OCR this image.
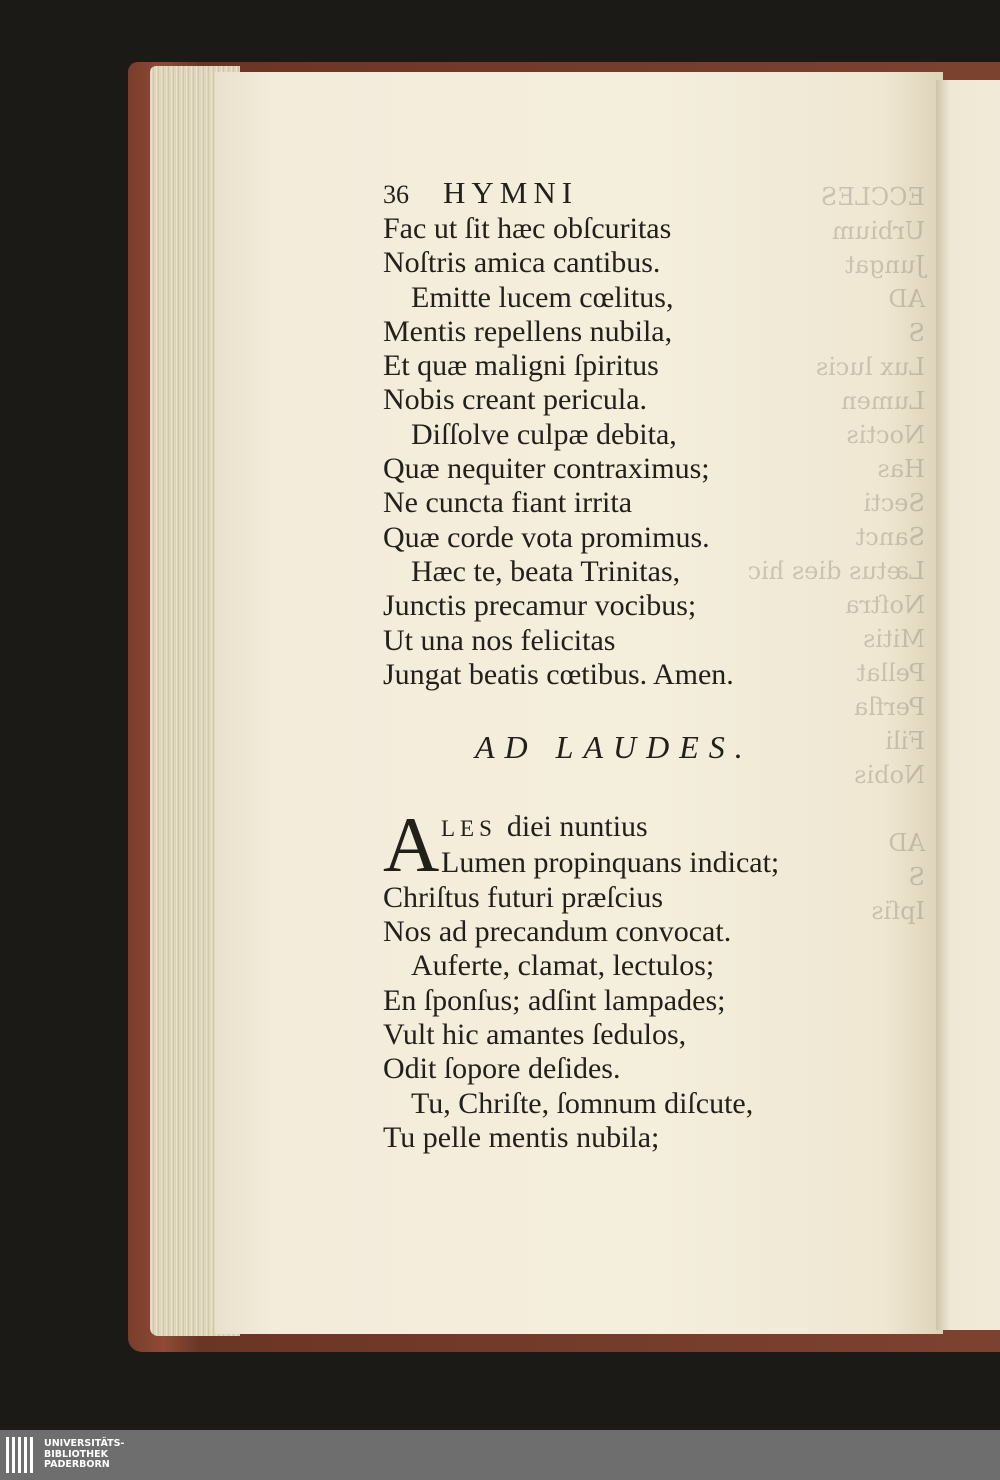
ECCLES
Urbium
Jungat
AD
S
Lux lucis
Lumen
Noctis
Has
Secti
Sanct
Lætus dies
Noſtra
Mitis
Pellat
Perfla
Fili
Nobis

AD
S
Ipſis
36	HYMNI
Fac ut ſit hæc obſcuritas
Noſtris amica cantibus.
Emitte lucem cœlitus,
Mentis repellens nubila,
Et quæ maligni ſpiritus
Nobis creant pericula.
Diſſolve culpæ debita,
Quæ nequiter contraximus;
Ne cuncta fiant irrita
Quæ corde vota promimus.
Hæc te, beata Trinitas,
Junctis precamur vocibus;
Ut una nos felicitas
Jungat beatis cœtibus. Amen.
AD LAUDES.
A LES diei nuntius
Lumen propinquans indicat;
Chriſtus futuri præſcius
Nos ad precandum convocat.
Auferte, clamat, lectulos;
En ſponſus; adſint lampades;
Vult hic amantes ſedulos,
Odit ſopore deſides.
Tu, Chriſte, ſomnum diſcute,
Tu pelle mentis nubila;
UNIVERSITÄTS-
BIBLIOTHEK
PADERBORN
